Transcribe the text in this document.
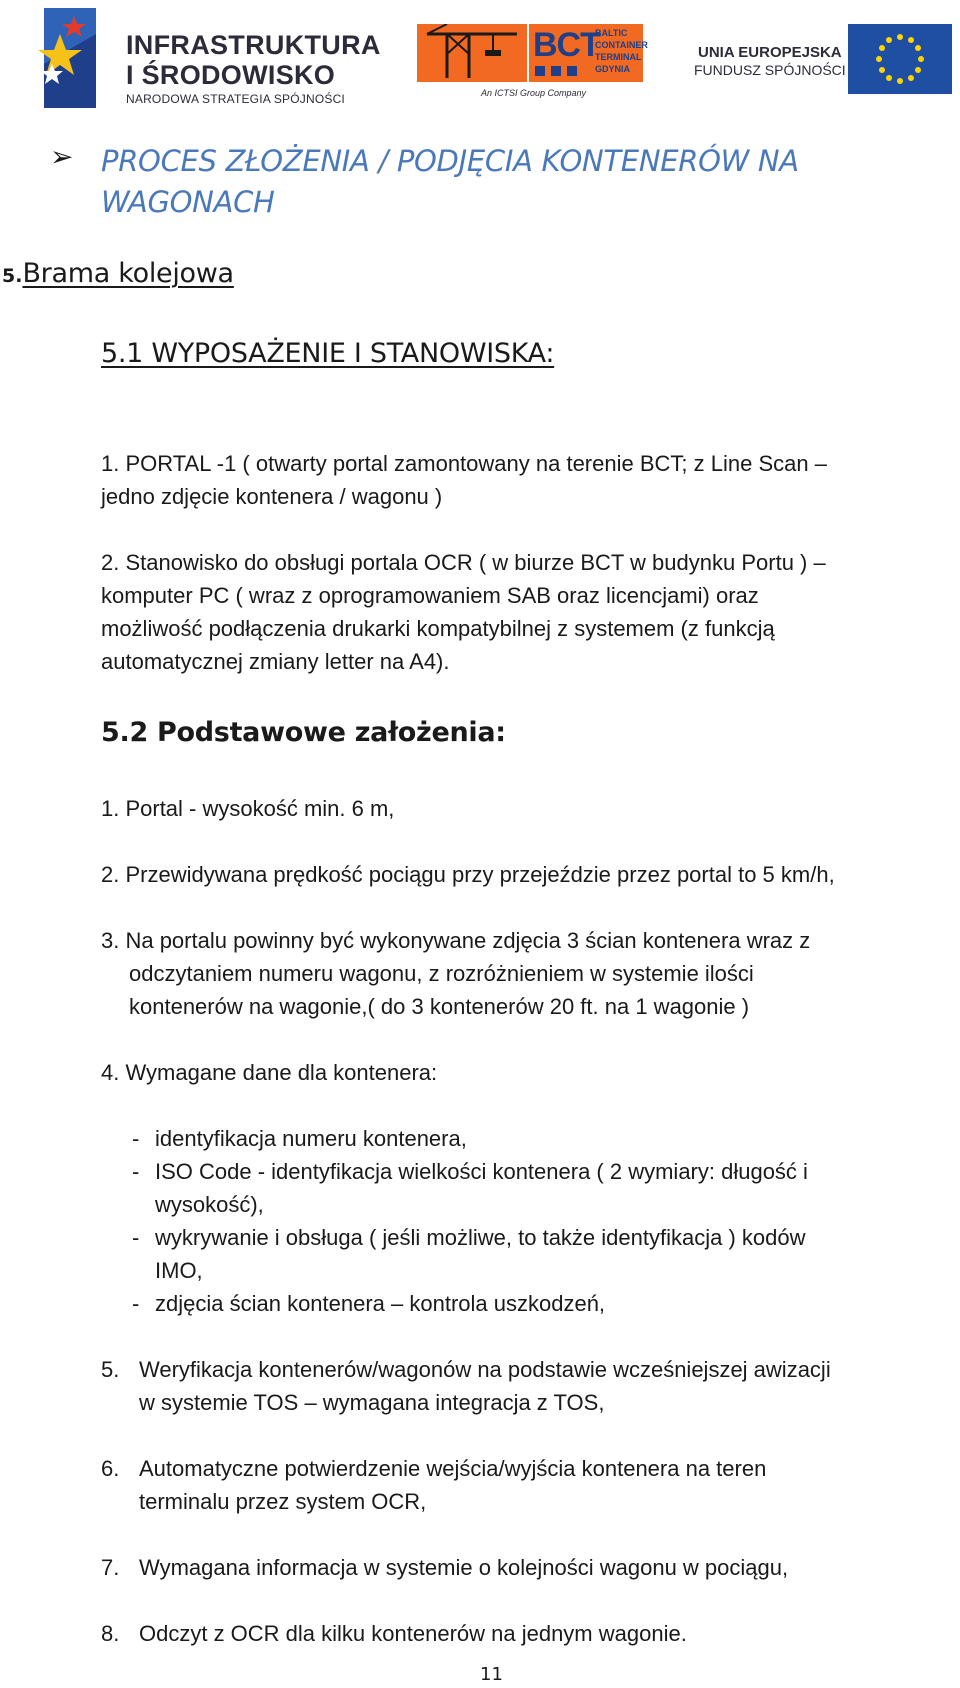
INFRASTRUKTURA
I ŚRODOWISKO
NARODOWA STRATEGIA SPÓJNOŚCI
BCT
BALTIC
CONTAINER
TERMINAL
GDYNIA
An ICTSI Group Company
UNIA EUROPEJSKA
FUNDUSZ SPÓJNOŚCI
➢ PROCES ZŁOŻENIA / PODJĘCIA KONTENERÓW NA
WAGONACH
5.Brama kolejowa
5.1 WYPOSAŻENIE I STANOWISKA:
1. PORTAL -1 ( otwarty portal zamontowany na terenie BCT; z Line Scan –
jedno zdjęcie kontenera / wagonu )
2. Stanowisko do obsługi portala OCR ( w biurze BCT w budynku Portu ) –
komputer PC ( wraz z oprogramowaniem SAB oraz licencjami) oraz
możliwość podłączenia drukarki kompatybilnej z systemem (z funkcją
automatycznej zmiany letter na A4).
5.2 Podstawowe założenia:
1. Portal - wysokość min. 6 m,
2. Przewidywana prędkość pociągu przy przejeździe przez portal to 5 km/h,
3. Na portalu powinny być wykonywane zdjęcia 3 ścian kontenera wraz z
odczytaniem numeru wagonu, z rozróżnieniem w systemie ilości
kontenerów na wagonie,( do 3 kontenerów 20 ft. na 1 wagonie )
4. Wymagane dane dla kontenera:
- identyfikacja numeru kontenera,
- ISO Code - identyfikacja wielkości kontenera ( 2 wymiary: długość i
wysokość),
- wykrywanie i obsługa ( jeśli możliwe, to także identyfikacja ) kodów
IMO,
- zdjęcia ścian kontenera – kontrola uszkodzeń,
5. Weryfikacja kontenerów/wagonów na podstawie wcześniejszej awizacji
w systemie TOS – wymagana integracja z TOS,
6. Automatyczne potwierdzenie wejścia/wyjścia kontenera na teren
terminalu przez system OCR,
7. Wymagana informacja w systemie o kolejności wagonu w pociągu,
8. Odczyt z OCR dla kilku kontenerów na jednym wagonie.
11
